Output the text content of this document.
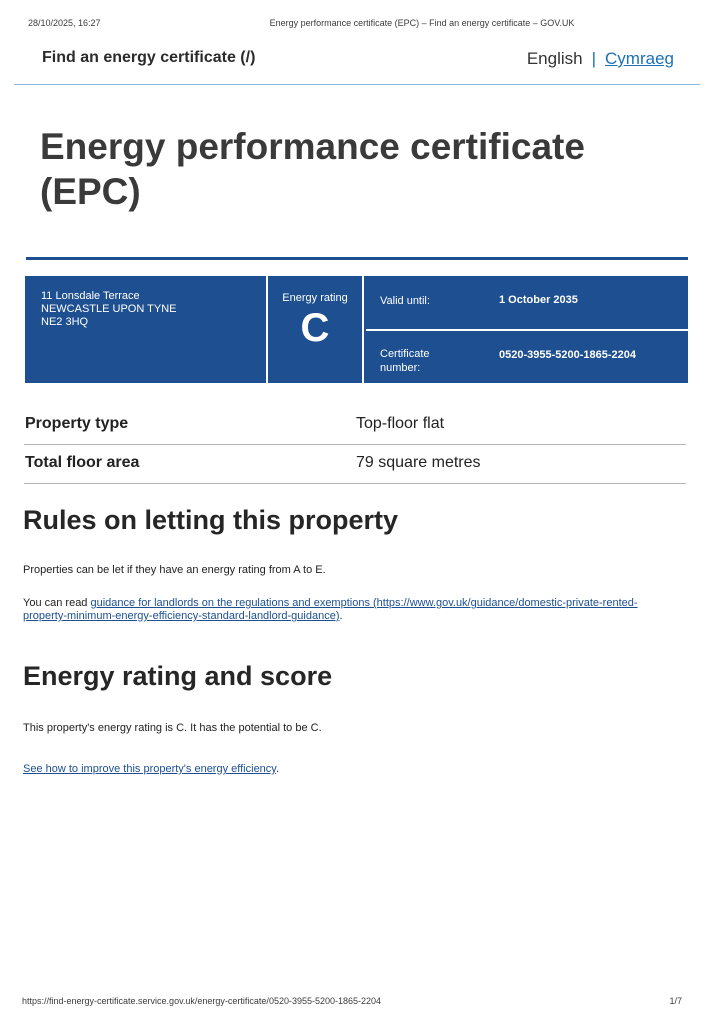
28/10/2025, 16:27	Energy performance certificate (EPC) – Find an energy certificate – GOV.UK
Find an energy certificate (/)	English | Cymraeg
Energy performance certificate (EPC)
11 Lonsdale Terrace
NEWCASTLE UPON TYNE
NE2 3HQ
Energy rating
C
Valid until:	1 October 2035
Certificate number:
0520-3955-5200-1865-2204
Property type	Top-floor flat
Total floor area	79 square metres
Rules on letting this property

Properties can be let if they have an energy rating from A to E.

You can read guidance for landlords on the regulations and exemptions (https://www.gov.uk/guidance/domestic-private-rented-property-minimum-energy-efficiency-standard-landlord-guidance).

Energy rating and score

This property's energy rating is C. It has the potential to be C.

See how to improve this property's energy efficiency.

https://find-energy-certificate.service.gov.uk/energy-certificate/0520-3955-5200-1865-2204	1/7
